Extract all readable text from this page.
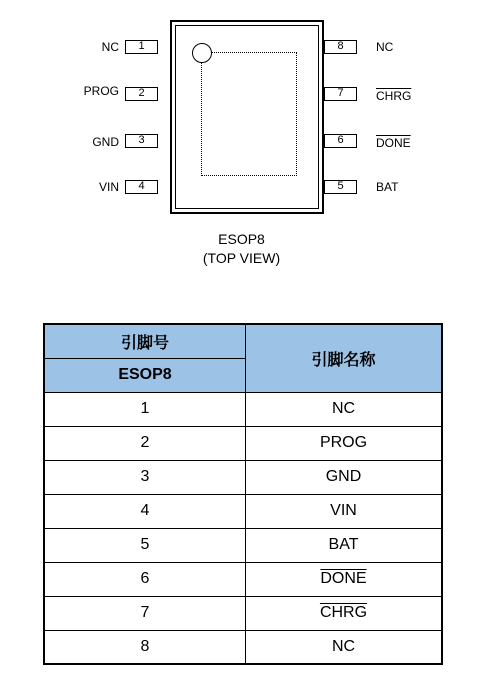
NC	1
PROG	2
GND	3
VIN	4
8	NC
7	CHRG
6	DONE
5	BAT
ESOP8
(TOP VIEW)
引脚号	引脚名称
ESOP8	
1	NC
2	PROG
3	GND
4	VIN
5	BAT
6	DONE
7	CHRG
8	NC
